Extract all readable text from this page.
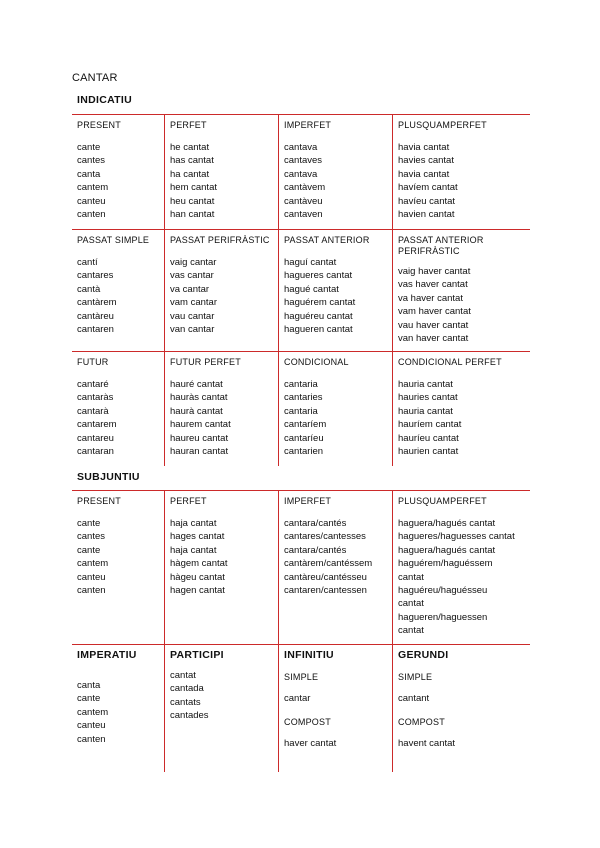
CANTAR
INDICATIU
PRESENT
cante
cantes
canta
cantem
canteu
canten
PERFET
he cantat
has cantat
ha cantat
hem cantat
heu cantat
han cantat
IMPERFET
cantava
cantaves
cantava
cantàvem
cantàveu
cantaven
PLUSQUAMPERFET
havia cantat
havies cantat
havia cantat
havíem cantat
havíeu cantat
havien cantat
PASSAT SIMPLE
cantí
cantares
cantà
cantàrem
cantàreu
cantaren
PASSAT PERIFRÀSTIC
vaig cantar
vas cantar
va cantar
vam cantar
vau cantar
van cantar
PASSAT ANTERIOR
haguí cantat
hagueres cantat
hagué cantat
haguérem cantat
haguéreu cantat
hagueren cantat
PASSAT ANTERIOR PERIFRÀSTIC
vaig haver cantat
vas haver cantat
va haver cantat
vam haver cantat
vau haver cantat
van haver cantat
FUTUR
cantaré
cantaràs
cantarà
cantarem
cantareu
cantaran
FUTUR PERFET
hauré cantat
hauràs cantat
haurà cantat
haurem cantat
haureu cantat
hauran cantat
CONDICIONAL
cantaria
cantaries
cantaria
cantaríem
cantaríeu
cantarien
CONDICIONAL PERFET
hauria cantat
hauries cantat
hauria cantat
hauríem cantat
hauríeu cantat
haurien cantat
SUBJUNTIU
PRESENT
cante
cantes
cante
cantem
canteu
canten
PERFET
haja cantat
hages cantat
haja cantat
hàgem cantat
hàgeu cantat
hagen cantat
IMPERFET
cantara/cantés
cantares/cantesses
cantara/cantés
cantàrem/cantéssem
cantàreu/cantésseu
cantaren/cantessen
PLUSQUAMPERFET
haguera/hagués cantat
hagueres/haguesses cantat
haguera/hagués cantat
haguérem/haguéssem
cantat
haguéreu/haguésseu
cantat
hagueren/haguessen
cantat
IMPERATIU
canta
cante
cantem
canteu
canten
PARTICIPI
cantat
cantada
cantats
cantades
INFINITIU
SIMPLE
cantar
COMPOST
haver cantat
GERUNDI
SIMPLE
cantant
COMPOST
havent cantat
